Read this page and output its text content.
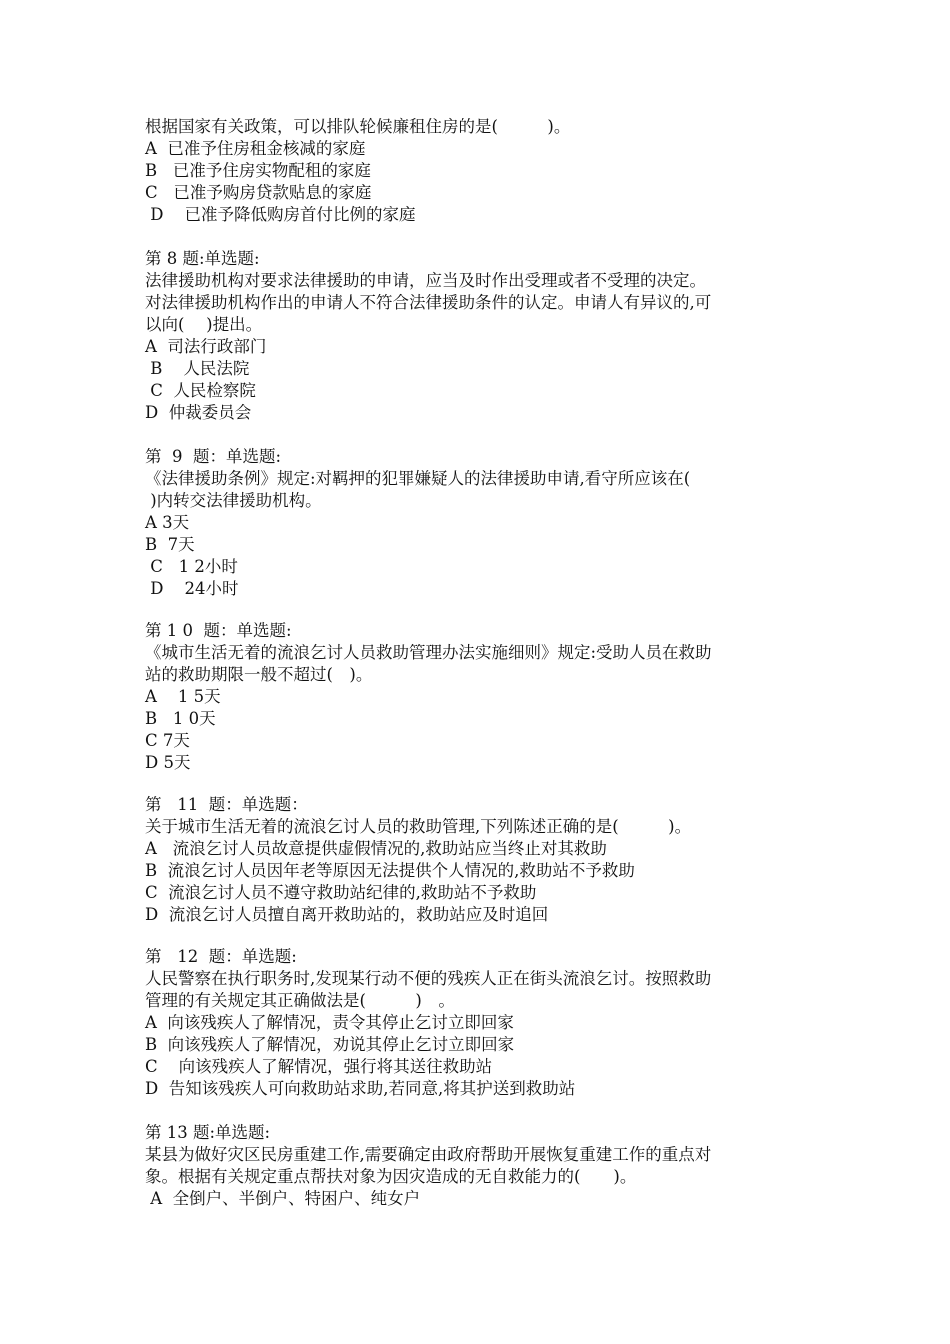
根据国家有关政策，可以排队轮候廉租住房的是(　　　)。
A  已准予住房租金核减的家庭
B   已准予住房实物配租的家庭
C   已准予购房贷款贴息的家庭
D    已准予降低购房首付比例的家庭
第 8 题:单选题:
法律援助机构对要求法律援助的申请，应当及时作出受理或者不受理的决定。
对法律援助机构作出的申请人不符合法律援助条件的认定。申请人有异议的,可
以向(　 )提出。
A  司法行政部门
B    人民法院
C  人民检察院
D  仲裁委员会
第  9  题：单选题:
《法律援助条例》规定:对羁押的犯罪嫌疑人的法律援助申请,看守所应该在(
)内转交法律援助机构。
A 3天
B  7天
C   1 2小时
D    24小时
第 1 0  题：单选题:
《城市生活无着的流浪乞讨人员救助管理办法实施细则》规定:受助人员在救助
站的救助期限一般不超过(　)。
A    1 5天
B   1 0天
C 7天
D 5天
第   11  题：单选题：
关于城市生活无着的流浪乞讨人员的救助管理,下列陈述正确的是(　　　)。
A   流浪乞讨人员故意提供虚假情况的,救助站应当终止对其救助
B  流浪乞讨人员因年老等原因无法提供个人情况的,救助站不予救助
C  流浪乞讨人员不遵守救助站纪律的,救助站不予救助
D  流浪乞讨人员擅自离开救助站的，救助站应及时追回
第   12  题：单选题:
人民警察在执行职务时,发现某行动不便的残疾人正在街头流浪乞讨。按照救助
管理的有关规定其正确做法是(　　　)　。
A  向该残疾人了解情况，责令其停止乞讨立即回家
B  向该残疾人了解情况，劝说其停止乞讨立即回家
C    向该残疾人了解情况，强行将其送往救助站
D  告知该残疾人可向救助站求助,若同意,将其护送到救助站
第 13 题:单选题:
某县为做好灾区民房重建工作,需要确定由政府帮助开展恢复重建工作的重点对
象。根据有关规定重点帮扶对象为因灾造成的无自救能力的(　　)。
A  全倒户、半倒户、特困户、纯女户
